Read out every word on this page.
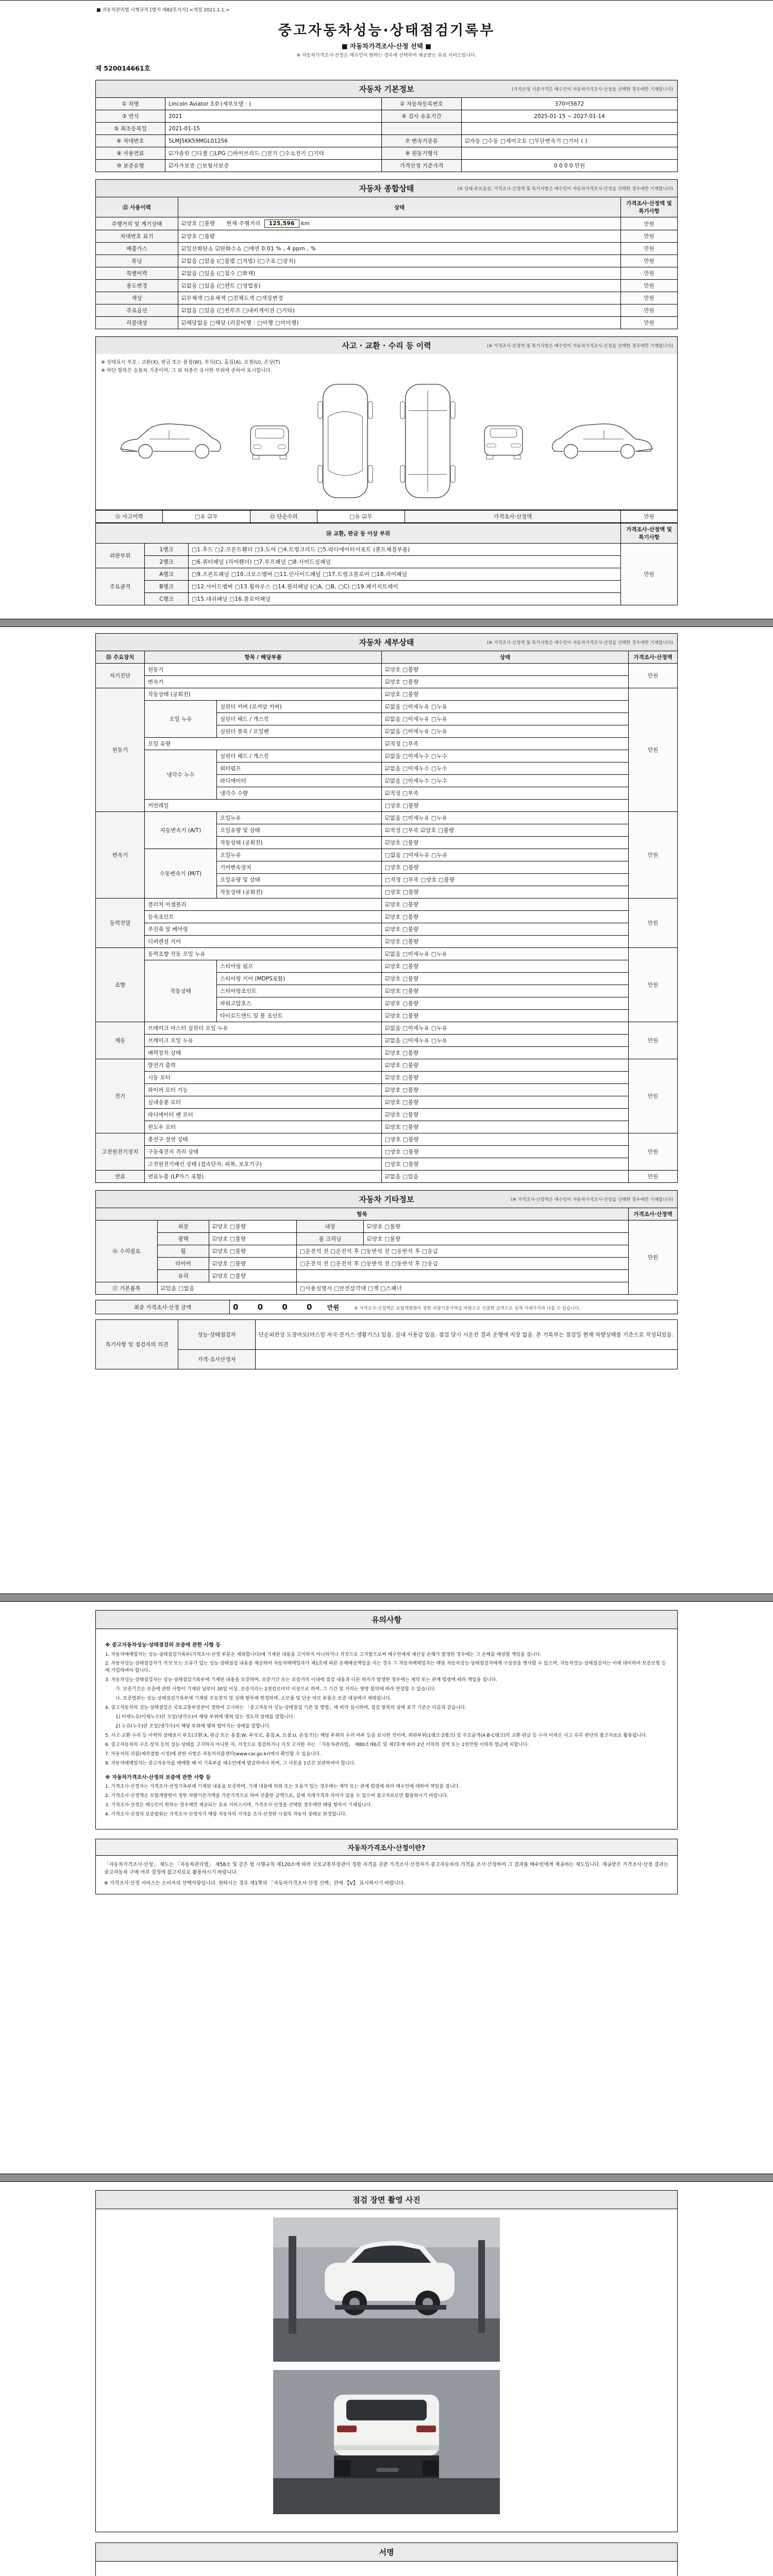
■ 자동차관리법 시행규칙 [별지 제82호서식] <개정 2021.1.1.>
중고자동차성능·상태점검기록부
■ 자동차가격조사·산정 선택 ■
※ 자동차가격조사·산정은 매수인이 원하는 경우에 선택하여 제공받는 유료 서비스입니다.
제 520014661호
자동차 기본정보	(가격산정 기준가격은 매수인이 자동차가격조사·산정을 선택한 경우에만 기재합니다)
① 차명	Lincoln Aviator 3.0 (세부모델 : )	② 자동차등록번호	370머5672
③ 연식	2021	④ 검사 유효기간	2025-01-15 ~ 2027-01-14
⑤ 최초등록일	2021-01-15		
⑥ 차대번호	5LMJ5KK59MGL01256	⑦ 변속기종류	☑자동 □수동 □세미오토 □무단변속기 □기타 ( )
⑧ 사용연료	☑가솔린 □디젤 □LPG □하이브리드 □전기 □수소전기 □기타	⑨ 원동기형식	
⑩ 보증유형	☑자가보증 □보험사보증	가격산정 기준가격	0 0 0 0 만원
자동차 종합상태	(※ 상태·주요옵션, 가격조사·산정액 및 특기사항은 매수인이 자동차가격조사·산정을 선택한 경우에만 기재합니다)
⑪ 사용이력	상태	가격조사·산정액 및 특기사항
주행거리 및 계기상태	☑양호 □불량      현재 주행거리  125,596 km	만원
차대번호 표기	☑양호 □불량	만원
배출가스	☑일산화탄소 ☑탄화수소 □매연 0.01 % , 4 ppm , %	만원
튜닝	☑없음 □있음 (□불법 □적법) (□구조 □장치)	만원
특별이력	☑없음 □있음 (□침수 □화재)	만원
용도변경	☑없음 □있음 (□렌트 □영업용)	만원
색상	☑무채색 □유채색 □전체도색 □색상변경	만원
주요옵션	☑없음 □있음 (□썬루프 □네비게이션 □기타)	만원
리콜대상	☑해당없음 □해당 (리콜이행 : □이행 □미이행)	만원
사고 · 교환 · 수리 등 이력	(※ 가격조사·산정액 및 특기사항은 매수인이 자동차가격조사·산정을 선택한 경우에만 기재합니다)
※ 상태표시 부호 : 교환(X), 판금 또는 용접(W), 부식(C), 흠집(A), 요철(U), 손상(T)
※ 하단 항목은 승용차 기준이며, 그 외 차종은 유사한 부위에 준하여 표시합니다.
⑫ 사고이력	□유 ☑무	⑬ 단순수리	□유 ☑무	가격조사·산정액	만원
⑭ 교환, 판금 등 이상 부위			가격조사·산정액 및 특기사항
외판부위	1랭크	□1.후드 □2.프론트휀더 □3.도어 □4.트렁크리드 □5.라디에이터서포트 (볼트체결부품)	만원
	2랭크	□6.쿼터패널 (리어휀더) □7.루프패널 □8.사이드실패널	
주요골격	A랭크	□9.프론트패널 □10.크로스멤버 □11.인사이드패널 □17.트렁크플로어 □18.리어패널	
	B랭크	□12.사이드멤버 □13.휠하우스 □14.필러패널 (□A, □B, □C) □19.패키지트레이	
	C랭크	□15.대쉬패널 □16.플로어패널	
자동차 세부상태	(※ 가격조사·산정액 및 특기사항은 매수인이 자동차가격조사·산정을 선택한 경우에만 기재합니다)
⑮ 주요장치	항목 / 해당부품		상태	가격조사·산정액
자기진단	원동기		☑양호 □불량	만원
	변속기		☑양호 □불량	
원동기	작동상태 (공회전)		☑양호 □불량	만원
	오일 누유	실린더 커버 (로커암 커버)	☑없음 □미세누유 □누유	
		실린더 헤드 / 개스킷	☑없음 □미세누유 □누유	
		실린더 블록 / 오일팬	☑없음 □미세누유 □누유	
	오일 유량		☑적정 □부족	
	냉각수 누수	실린더 헤드 / 개스킷	☑없음 □미세누수 □누수	
		워터펌프	☑없음 □미세누수 □누수	
		라디에이터	☑없음 □미세누수 □누수	
		냉각수 수량	☑적정 □부족	
	커먼레일		□양호 □불량	
변속기	자동변속기 (A/T)	오일누유	☑없음 □미세누유 □누유	만원
		오일유량 및 상태	☑적정 □부족 ☑양호 □불량	
		작동상태 (공회전)	☑양호 □불량	
	수동변속기 (M/T)	오일누유	□없음 □미세누유 □누유	
		기어변속장치	□양호 □불량	
		오일유량 및 상태	□적정 □부족 □양호 □불량	
		작동상태 (공회전)	□양호 □불량	
동력전달	클러치 어셈블리		☑양호 □불량	만원
	등속조인트		☑양호 □불량	
	추진축 및 베어링		☑양호 □불량	
	디퍼렌셜 기어		☑양호 □불량	
조향	동력조향 작동 오일 누유		☑없음 □미세누유 □누유	만원
	작동상태	스티어링 펌프	☑양호 □불량	
		스티어링 기어 (MDPS포함)	☑양호 □불량	
		스티어링조인트	☑양호 □불량	
		파워고압호스	☑양호 □불량	
		타이로드엔드 및 볼 조인트	☑양호 □불량	
제동	브레이크 마스터 실린더 오일 누유		☑없음 □미세누유 □누유	만원
	브레이크 오일 누유		☑없음 □미세누유 □누유	
	배력장치 상태		☑양호 □불량	
전기	발전기 출력		☑양호 □불량	만원
	시동 모터		☑양호 □불량	
	와이퍼 모터 기능		☑양호 □불량	
	실내송풍 모터		☑양호 □불량	
	라디에이터 팬 모터		☑양호 □불량	
	윈도우 모터		☑양호 □불량	
고전원전기장치	충전구 절연 상태		□양호 □불량	만원
	구동축전지 격리 상태		□양호 □불량	
	고전원전기배선 상태 (접속단자, 피복, 보호기구)		□양호 □불량	
연료	연료누출 (LP가스 포함)		☑없음 □있음	만원
자동차 기타정보	(※ 가격조사·산정액은 매수인이 자동차가격조사·산정을 선택한 경우에만 기재합니다)
항목					가격조사·산정액
⑯ 수리필요	외장	☑양호 □불량	내장	☑양호 □불량	만원
	광택	☑양호 □불량	룸 크리닝	☑양호 □불량	
	휠	☑양호 □불량	□운전석 전 □운전석 후 □동반석 전 □동반석 후 □응급		
	타이어	☑양호 □불량	□운전석 전 □운전석 후 □동반석 전 □동반석 후 □응급		
	유리	☑양호 □불량			
⑰ 기본품목	☑있음 □없음		□사용설명서 □안전삼각대 □잭 □스패너		
최종 가격조사·산정 금액	0 0 0 0 만원	※ 가격조사·산정액은 보험개발원이 정한 차량기준가액을 바탕으로 산출한 금액으로 실제 거래가격과 다를 수 있습니다.
특기사항 및 점검자의 의견	성능·상태점검자	단순외관상 도장마모(마스킹 자국·잔기스·생활기스) 있음. 실내 사용감 있음. 점검 당시 시운전 결과 운행에 지장 없음. 본 기록부는 점검일 현재 차량상태를 기준으로 작성되었음.
	가격·조사산정자	
유의사항
※ 중고자동차성능·상태점검의 보증에 관한 사항 등
1. 자동차매매업자는 성능·상태점검기록부(가격조사·산정 부분은 제외합니다)에 기재된 내용을 고지하지 아니하거나 거짓으로 고지함으로써 매수인에게 재산상 손해가 발생한 경우에는 그 손해를 배상할 책임을 집니다.
2. 자동차성능·상태점검자가 거짓 또는 오류가 있는 성능·상태점검 내용을 제공하여 자동차매매업자가 제1호에 따른 손해배상책임을 지는 경우 그 자동차매매업자는 해당 자동차성능·상태점검자에게 구상권을 행사할 수 있으며, 자동차성능·상태점검자는 이에 대비하여 보증보험 등에 가입하여야 합니다.
3. 자동차성능·상태점검자는 성능·상태점검기록부에 기재된 내용을 보증하며, 보증기간 또는 보증거리 이내에 점검 내용과 다른 하자가 발생한 경우에는 계약 또는 관계 법령에 따라 책임을 집니다.
가. 보증기간은 보증에 관한 사항이 기재된 날부터 30일 이상, 보증거리는 2천킬로미터 이상으로 하며, 그 기간 및 거리는 쌍방 합의에 따라 연장할 수 있습니다.
나. 보증범위는 성능·상태점검기록부에 기재된 주요장치 및 상태 항목에 한정하며, 소모품 및 단순 마모 부품은 보증 대상에서 제외됩니다.
4. 중고자동차의 성능·상태점검은 국토교통부장관이 정하여 고시하는 「중고자동차 성능·상태점검 기준 및 방법」에 따라 실시하며, 점검 항목의 상태 표기 기준은 다음과 같습니다.
1) 미세누유(미세누수)란 오일(냉각수)이 해당 부위에 맺혀 있는 정도의 상태를 말합니다.
2) 누유(누수)란 오일(냉각수)이 해당 부위에 맺혀 떨어지는 상태를 말합니다.
5. 사고·교환·수리 등 이력의 상태표시 부호(교환:X, 판금 또는 용접:W, 부식:C, 흠집:A, 요철:U, 손상:T)는 해당 부위의 수리 여부 등을 표시한 것이며, 외판부위(1랭크·2랭크) 및 주요골격(A·B·C랭크)의 교환·판금 등 수리 이력은 사고 유무 판단의 참고자료로 활용됩니다.
6. 중고자동차의 구조·장치 등의 성능·상태를 고지하지 아니한 자, 거짓으로 점검하거나 거짓 고지한 자는 「자동차관리법」 제80조제6호 및 제7호에 따라 2년 이하의 징역 또는 2천만원 이하의 벌금에 처합니다.
7. 자동차의 리콜(제작결함 시정)에 관한 사항은 자동차리콜센터(www.car.go.kr)에서 확인할 수 있습니다.
8. 자동차매매업자는 중고자동차를 매매할 때 이 기록부를 매수인에게 발급하여야 하며, 그 사본을 1년간 보관하여야 합니다.
※ 자동차가격조사·산정의 보증에 관한 사항 등
1. 가격조사·산정자는 가격조사·산정기록부에 기재된 내용을 보증하며, 기재 내용에 허위 또는 오류가 있는 경우에는 계약 또는 관계 법령에 따라 매수인에 대하여 책임을 집니다.
2. 가격조사·산정액은 보험개발원이 정한 차량기준가액을 기준가격으로 하여 산출한 금액으로, 실제 거래가격과 차이가 있을 수 있으며 참고자료로만 활용하시기 바랍니다.
3. 가격조사·산정은 매수인이 원하는 경우에만 제공되는 유료 서비스이며, 가격조사·산정을 선택한 경우에만 해당 항목이 기재됩니다.
4. 가격조사·산정의 보증범위는 가격조사·산정자가 해당 자동차의 가격을 조사·산정한 시점의 자동차 상태로 한정합니다.
자동차가격조사·산정이란?
「자동차가격조사·산정」 제도는 「자동차관리법」 제58조 및 같은 법 시행규칙 제120조에 따라 국토교통부장관이 정한 자격을 갖춘 가격조사·산정자가 중고자동차의 가격을 조사·산정하여 그 결과를 매수인에게 제공하는 제도입니다. 제공받은 가격조사·산정 결과는 중고자동차 구매 여부 결정에 참고자료로 활용하시기 바랍니다.
※ 가격조사·산정 서비스는 소비자의 선택사항입니다. 원하시는 경우 제1쪽의 「자동차가격조사·산정 선택」란에 【Ⅴ】 표시하시기 바랍니다.
점검 장면 촬영 사진
서명
